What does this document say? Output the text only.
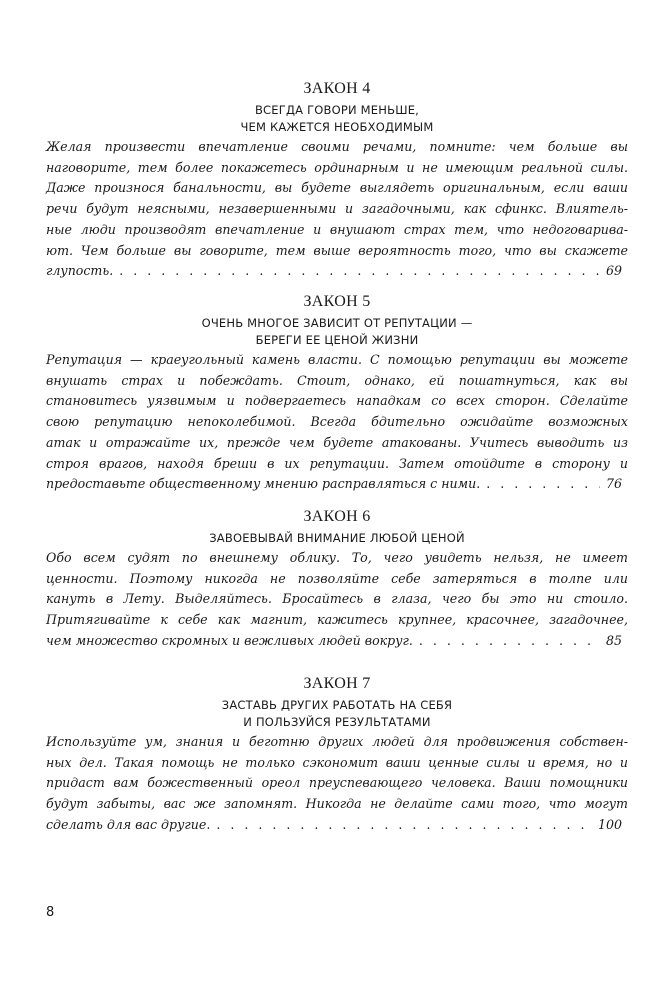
ЗАКОН 4
ВСЕГДА ГОВОРИ МЕНЬШЕ,
ЧЕМ КАЖЕТСЯ НЕОБХОДИМЫМ

Желая произвести впечатление своими речами, помните: чем больше вы

наговорите, тем более покажетесь ординарным и не имеющим реальной силы.

Даже произнося банальности, вы будете выглядеть оригинальным, если ваши

речи будут неясными, незавершенными и загадочными, как сфинкс. Влиятель-

ные люди производят впечатление и внушают страх тем, что недоговарива-

ют. Чем больше вы говорите, тем выше вероятность того, что вы скажете

глупость. . . .	69
ЗАКОН 5
ОЧЕНЬ МНОГОЕ ЗАВИСИТ ОТ РЕПУТАЦИИ —
БЕРЕГИ ЕЕ ЦЕНОЙ ЖИЗНИ

Репутация — краеугольный камень власти. С помощью репутации вы можете

внушать страх и побеждать. Стоит, однако, ей пошатнуться, как вы

становитесь уязвимым и подвергаетесь нападкам со всех сторон. Сделайте

свою репутацию непоколебимой. Всегда бдительно ожидайте возможных

атак и отражайте их, прежде чем будете атакованы. Учитесь выводить из

строя врагов, находя бреши в их репутации. Затем отойдите в сторону и

предоставьте общественному мнению расправляться с ними. . . .	76
ЗАКОН 6
ЗАВОЕВЫВАЙ ВНИМАНИЕ ЛЮБОЙ ЦЕНОЙ

Обо всем судят по внешнему облику. То, чего увидеть нельзя, не имеет

ценности. Поэтому никогда не позволяйте себе затеряться в толпе или

кануть в Лету. Выделяйтесь. Бросайтесь в глаза, чего бы это ни стоило.

Притягивайте к себе как магнит, кажитесь крупнее, красочнее, загадочнее,

чем множество скромных и вежливых людей вокруг. . . .	85
ЗАКОН 7
ЗАСТАВЬ ДРУГИХ РАБОТАТЬ НА СЕБЯ
И ПОЛЬЗУЙСЯ РЕЗУЛЬТАТАМИ

Используйте ум, знания и беготню других людей для продвижения собствен-

ных дел. Такая помощь не только сэкономит ваши ценные силы и время, но и

придаст вам божественный ореол преуспевающего человека. Ваши помощники

будут забыты, вас же запомнят. Никогда не делайте сами того, что могут

сделать для вас другие. . . .	100
8
